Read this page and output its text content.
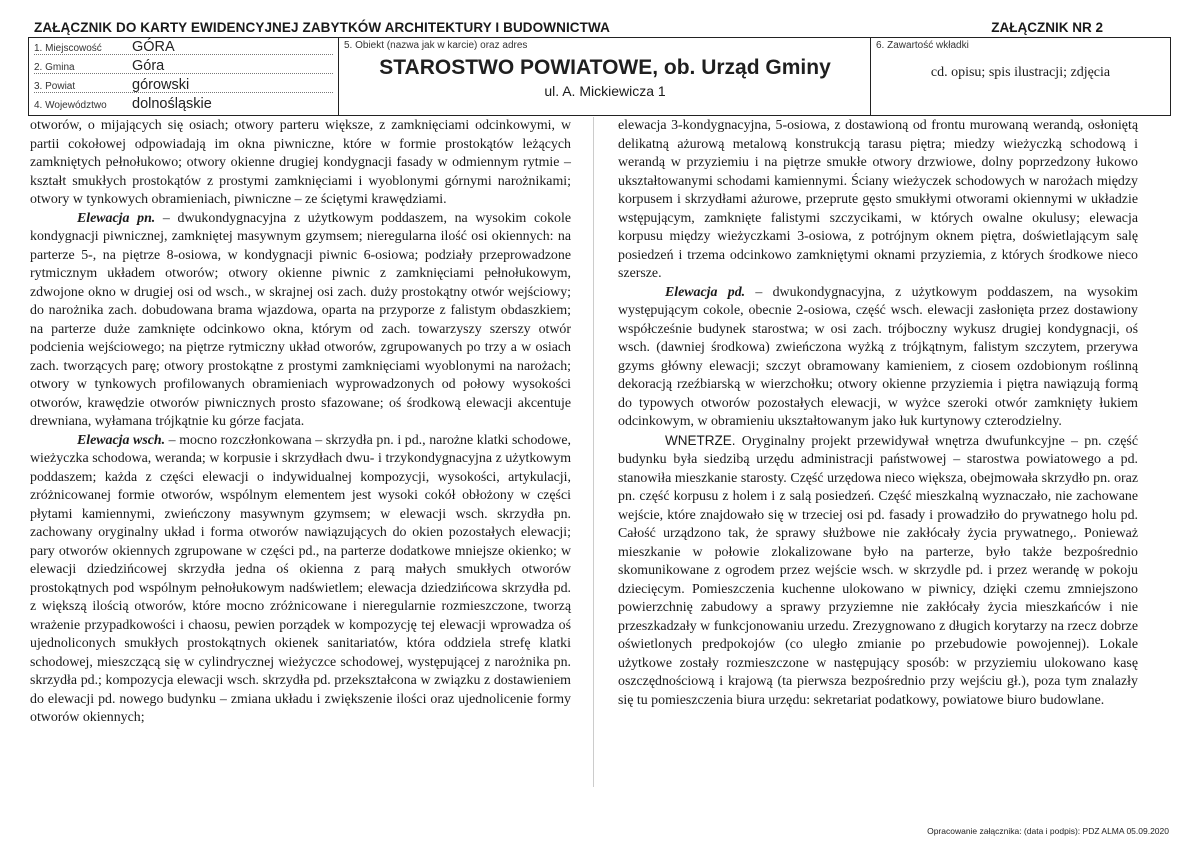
ZAŁĄCZNIK DO KARTY EWIDENCYJNEJ ZABYTKÓW ARCHITEKTURY I BUDOWNICTWA	ZAŁĄCZNIK NR 2
1. Miejscowość GÓRA
2. Gmina	Góra
3. Powiat	górowski
4. Województwo dolnośląskie
5. Obiekt (nazwa jak w karcie) oraz adres
STAROSTWO POWIATOWE, ob. Urząd Gminy
ul. A. Mickiewicza 1
6. Zawartość wkładki
cd. opisu; spis ilustracji; zdjęcia

otworów, o mijających się osiach; otwory parteru większe, z zamknięciami odcinkowymi, w partii cokołowej odpowiadają im okna piwniczne, które w formie prostokątów leżących zamkniętych pełnołukowo; otwory okienne drugiej kondygnacji fasady w odmiennym rytmie – kształt smukłych prostokątów z prostymi zamknięciami i wyoblonymi górnymi narożnikami; otwory w tynkowych obramieniach, piwniczne – ze ściętymi krawędziami.

Elewacja pn. – dwukondygnacyjna z użytkowym poddaszem, na wysokim cokole kondygnacji piwnicznej, zamkniętej masywnym gzymsem; nieregularna ilość osi okiennych: na parterze 5-, na piętrze 8-osiowa, w kondygnacji piwnic 6-osiowa; podziały przeprowadzone rytmicznym układem otworów; otwory okienne piwnic z zamknięciami pełnołukowym, zdwojone okno w drugiej osi od wsch., w skrajnej osi zach. duży prostokątny otwór wejściowy; do narożnika zach. dobudowana brama wjazdowa, oparta na przyporze z falistym obdaszkiem; na parterze duże zamknięte odcinkowo okna, którym od zach. towarzyszy szerszy otwór podcienia wejściowego; na piętrze rytmiczny układ otworów, zgrupowanych po trzy a w osiach zach. tworzących parę; otwory prostokątne z prostymi zamknięciami wyoblonymi na narożach; otwory w tynkowych profilowanych obramieniach wyprowadzonych od połowy wysokości otworów, krawędzie otworów piwnicznych prosto sfazowane; oś środkową elewacji akcentuje drewniana, wyłamana trójkątnie ku górze facjata.

Elewacja wsch. – mocno rozczłonkowana – skrzydła pn. i pd., narożne klatki schodowe, wieżyczka schodowa, weranda; w korpusie i skrzydłach dwu- i trzykondygnacyjna z użytkowym poddaszem; każda z części elewacji o indywidualnej kompozycji, wysokości, artykulacji, zróżnicowanej formie otworów, wspólnym elementem jest wysoki cokół obłożony w części płytami kamiennymi, zwieńczony masywnym gzymsem; w elewacji wsch. skrzydła pn. zachowany oryginalny układ i forma otworów nawiązujących do okien pozostałych elewacji; pary otworów okiennych zgrupowane w części pd., na parterze dodatkowe mniejsze okienko; w elewacji dziedzińcowej skrzydła jedna oś okienna z parą małych smukłych otworów prostokątnych pod wspólnym pełnołukowym nadświetlem; elewacja dziedzińcowa skrzydła pd. z większą ilością otworów, które mocno zróżnicowane i nieregularnie rozmieszczone, tworzą wrażenie przypadkowości i chaosu, pewien porządek w kompozycję tej elewacji wprowadza oś ujednoliconych smukłych prostokątnych okienek sanitariatów, która oddziela strefę klatki schodowej, mieszczącą się w cylindrycznej wieżyczce schodowej, występującej z narożnika pn. skrzydła pd.; kompozycja elewacji wsch. skrzydła pd. przekształcona w związku z dostawieniem do elewacji pd. nowego budynku – zmiana układu i zwiększenie ilości oraz ujednolicenie formy otworów okiennych;

elewacja 3-kondygnacyjna, 5-osiowa, z dostawioną od frontu murowaną werandą, osłoniętą delikatną ażurową metalową konstrukcją tarasu piętra; miedzy wieżyczką schodową i werandą w przyziemiu i na piętrze smukłe otwory drzwiowe, dolny poprzedzony łukowo ukształtowanymi schodami kamiennymi. Ściany wieżyczek schodowych w narożach między korpusem i skrzydłami ażurowe, przeprute gęsto smukłymi otworami okiennymi w układzie wstępującym, zamknięte falistymi szczycikami, w których owalne okulusy; elewacja korpusu między wieżyczkami 3-osiowa, z potrójnym oknem piętra, doświetlającym salę posiedzeń i trzema odcinkowo zamkniętymi oknami przyziemia, z których środkowe nieco szersze.

Elewacja pd. – dwukondygnacyjna, z użytkowym poddaszem, na wysokim występującym cokole, obecnie 2-osiowa, część wsch. elewacji zasłonięta przez dostawiony współcześnie budynek starostwa; w osi zach. trójboczny wykusz drugiej kondygnacji, oś wsch. (dawniej środkowa) zwieńczona wyżką z trójkątnym, falistym szczytem, przerywa gzyms główny elewacji; szczyt obramowany kamieniem, z ciosem ozdobionym roślinną dekoracją rzeźbiarską w wierzchołku; otwory okienne przyziemia i piętra nawiązują formą do typowych otworów pozostałych elewacji, w wyżce szeroki otwór zamknięty łukiem odcinkowym, w obramieniu ukształtowanym jako łuk kurtynowy czterodzielny.

WNETRZE. Oryginalny projekt przewidywał wnętrza dwufunkcyjne – pn. część budynku była siedzibą urzędu administracji państwowej – starostwa powiatowego a pd. stanowiła mieszkanie starosty. Część urzędowa nieco większa, obejmowała skrzydło pn. oraz pn. część korpusu z holem i z salą posiedzeń. Część mieszkalną wyznaczało, nie zachowane wejście, które znajdowało się w trzeciej osi pd. fasady i prowadziło do prywatnego holu pd. Całość urządzono tak, że sprawy służbowe nie zakłócały życia prywatnego,. Ponieważ mieszkanie w połowie zlokalizowane było na parterze, było także bezpośrednio skomunikowane z ogrodem przez wejście wsch. w skrzydle pd. i przez werandę w pokoju dziecięcym. Pomieszczenia kuchenne ulokowano w piwnicy, dzięki czemu zmniejszono powierzchnię zabudowy a sprawy przyziemne nie zakłócały życia mieszkańców i nie przeszkadzały w funkcjonowaniu urzedu. Zrezygnowano z długich korytarzy na rzecz dobrze oświetlonych predpokojów (co uległo zmianie po przebudowie powojennej). Lokale użytkowe zostały rozmieszczone w następujący sposób: w przyziemiu ulokowano kasę oszczędnościową i krajową (ta pierwsza bezpośrednio przy wejściu gł.), poza tym znalazły się tu pomieszczenia biura urzędu: sekretariat podatkowy, powiatowe biuro budowlane.

Opracowanie załącznika: (data i podpis): PDZ ALMA 05.09.2020
